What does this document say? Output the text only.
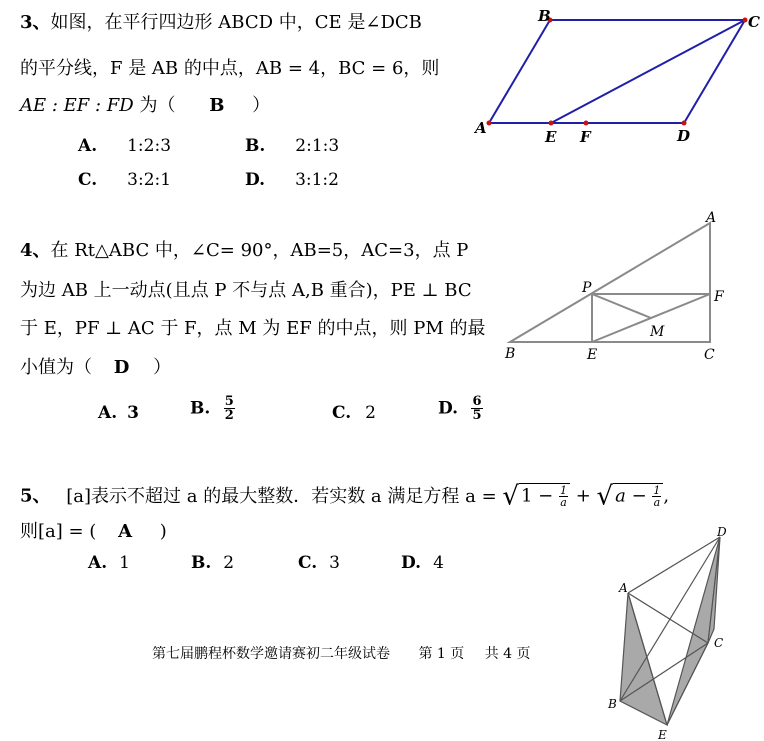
3、如图，在平行四边形 ABCD 中，CE 是∠DCB
的平分线，F 是 AB 的中点，AB = 4，BC = 6，则
AE : EF : FD 为（ B ）
A. 1:2:3	B. 2:1:3
C. 3:2:1	D. 3:1:2
B	C
A	E F	D
4、在 Rt△ABC 中，∠C= 90°，AB=5，AC=3，点 P
为边 AB 上一动点(且点 P 不与点 A,B 重合)，PE ⊥ BC
于 E，PF ⊥ AC 于 F，点 M 为 EF 的中点，则 PM 的最
小值为（ D ）
A. 3	B. $\frac{5}{2}$	C. 2	D. $\frac{6}{5}$
A
P
F
M
B	E	C
5、 [a]表示不超过 a 的最大整数．若实数 a 满足方程 a = √ $1 - \frac{1}{a}$ + √ $a - \frac{1}{a}$ ,
则[a] = ( A )
A. 1	B. 2	C. 3	D. 4
D
A
C
B
E
第七届鹏程杯数学邀请赛初二年级试卷 第 1 页 共 4 页
